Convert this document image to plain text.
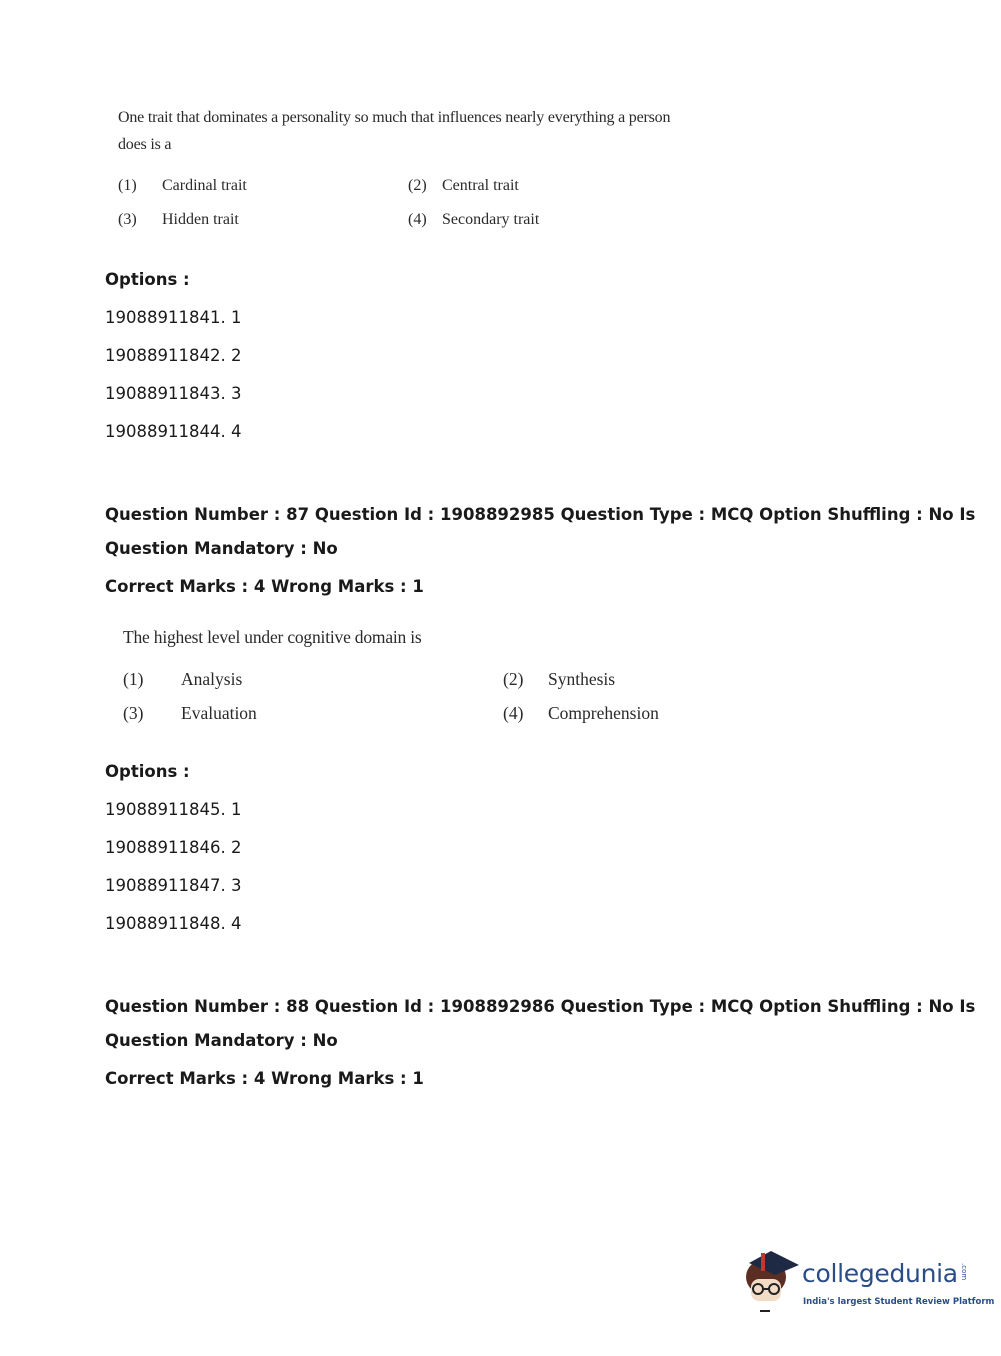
One trait that dominates a personality so much that influences nearly everything a person
does is a
(1) Cardinal trait	(2) Central trait
(3) Hidden trait	(4) Secondary trait
Options :
19088911841. 1
19088911842. 2
19088911843. 3
19088911844. 4
Question Number : 87 Question Id : 1908892985 Question Type : MCQ Option Shuffling : No Is
Question Mandatory : No
Correct Marks : 4 Wrong Marks : 1
The highest level under cognitive domain is
(1) Analysis	(2) Synthesis
(3) Evaluation	(4) Comprehension
Options :
19088911845. 1
19088911846. 2
19088911847. 3
19088911848. 4
Question Number : 88 Question Id : 1908892986 Question Type : MCQ Option Shuffling : No Is
Question Mandatory : No
Correct Marks : 4 Wrong Marks : 1
collegedunia .com
India's largest Student Review Platform
